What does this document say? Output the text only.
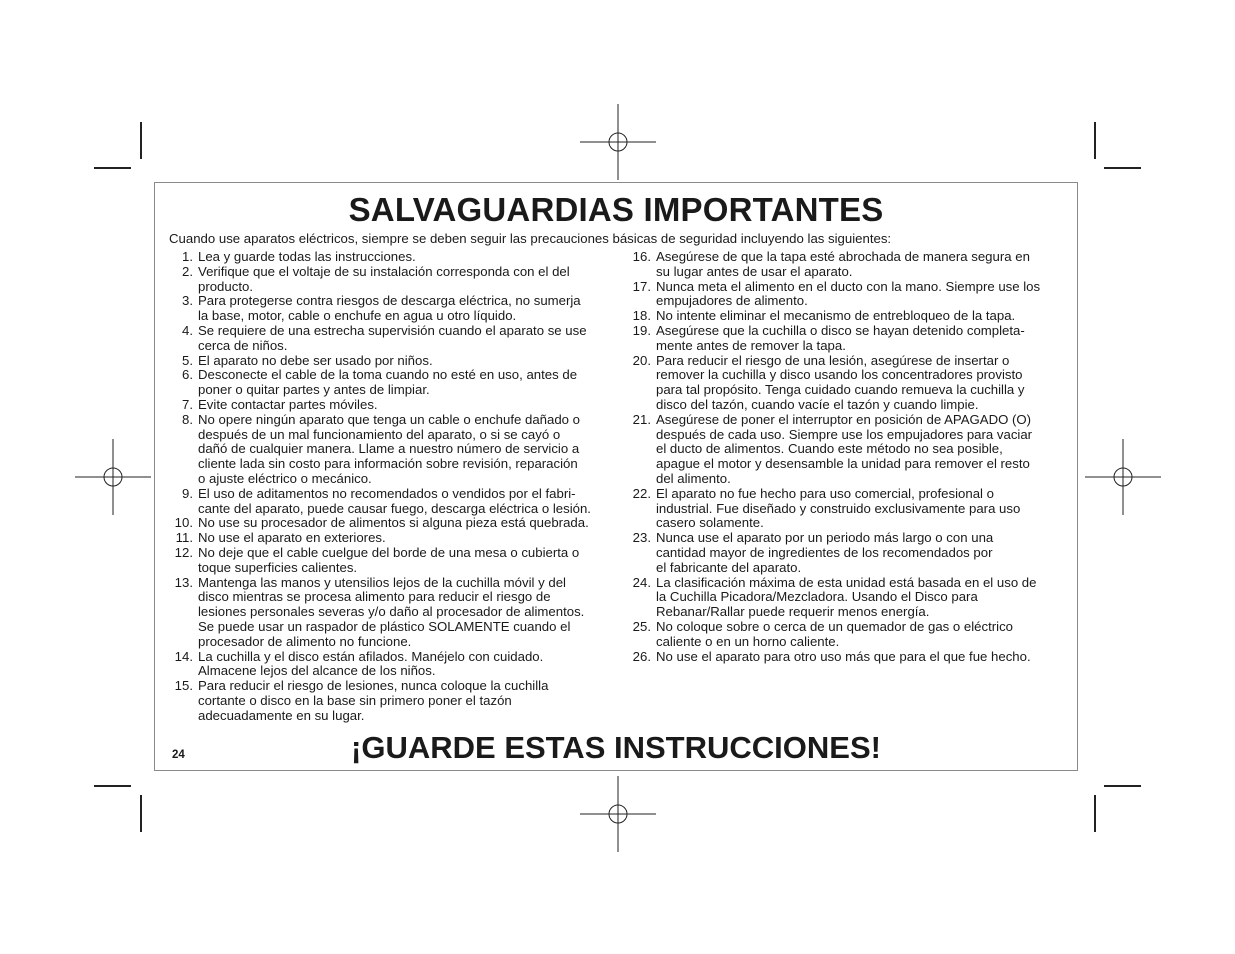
SALVAGUARDIAS IMPORTANTES
Cuando use aparatos eléctricos, siempre se deben seguir las precauciones básicas de seguridad incluyendo las siguientes:
1. Lea y guarde todas las instrucciones.
2. Verifique que el voltaje de su instalación corresponda con el del
producto.
3. Para protegerse contra riesgos de descarga eléctrica, no sumerja
la base, motor, cable o enchufe en agua u otro líquido.
4. Se requiere de una estrecha supervisión cuando el aparato se use
cerca de niños.
5. El aparato no debe ser usado por niños.
6. Desconecte el cable de la toma cuando no esté en uso, antes de
poner o quitar partes y antes de limpiar.
7. Evite contactar partes móviles.
8. No opere ningún aparato que tenga un cable o enchufe dañado o
después de un mal funcionamiento del aparato, o si se cayó o
dañó de cualquier manera. Llame a nuestro número de servicio a
cliente lada sin costo para información sobre revisión, reparación
o ajuste eléctrico o mecánico.
9. El uso de aditamentos no recomendados o vendidos por el fabri-
cante del aparato, puede causar fuego, descarga eléctrica o lesión.
10. No use su procesador de alimentos si alguna pieza está quebrada.
11. No use el aparato en exteriores.
12. No deje que el cable cuelgue del borde de una mesa o cubierta o
toque superficies calientes.
13. Mantenga las manos y utensilios lejos de la cuchilla móvil y del
disco mientras se procesa alimento para reducir el riesgo de
lesiones personales severas y/o daño al procesador de alimentos.
Se puede usar un raspador de plástico SOLAMENTE cuando el
procesador de alimento no funcione.
14. La cuchilla y el disco están afilados. Manéjelo con cuidado.
Almacene lejos del alcance de los niños.
15. Para reducir el riesgo de lesiones, nunca coloque la cuchilla
cortante o disco en la base sin primero poner el tazón
adecuadamente en su lugar.
16. Asegúrese de que la tapa esté abrochada de manera segura en
su lugar antes de usar el aparato.
17. Nunca meta el alimento en el ducto con la mano. Siempre use los
empujadores de alimento.
18. No intente eliminar el mecanismo de entrebloqueo de la tapa.
19. Asegúrese que la cuchilla o disco se hayan detenido completa-
mente antes de remover la tapa.
20. Para reducir el riesgo de una lesión, asegúrese de insertar o
remover la cuchilla y disco usando los concentradores provisto
para tal propósito. Tenga cuidado cuando remueva la cuchilla y
disco del tazón, cuando vacíe el tazón y cuando limpie.
21. Asegúrese de poner el interruptor en posición de APAGADO (O)
después de cada uso. Siempre use los empujadores para vaciar
el ducto de alimentos. Cuando este método no sea posible,
apague el motor y desensamble la unidad para remover el resto
del alimento.
22. El aparato no fue hecho para uso comercial, profesional o
industrial. Fue diseñado y construido exclusivamente para uso
casero solamente.
23. Nunca use el aparato por un periodo más largo o con una
cantidad mayor de ingredientes de los recomendados por
el fabricante del aparato.
24. La clasificación máxima de esta unidad está basada en el uso de
la Cuchilla Picadora/Mezcladora. Usando el Disco para
Rebanar/Rallar puede requerir menos energía.
25. No coloque sobre o cerca de un quemador de gas o eléctrico
caliente o en un horno caliente.
26. No use el aparato para otro uso más que para el que fue hecho.
24	¡GUARDE ESTAS INSTRUCCIONES!
